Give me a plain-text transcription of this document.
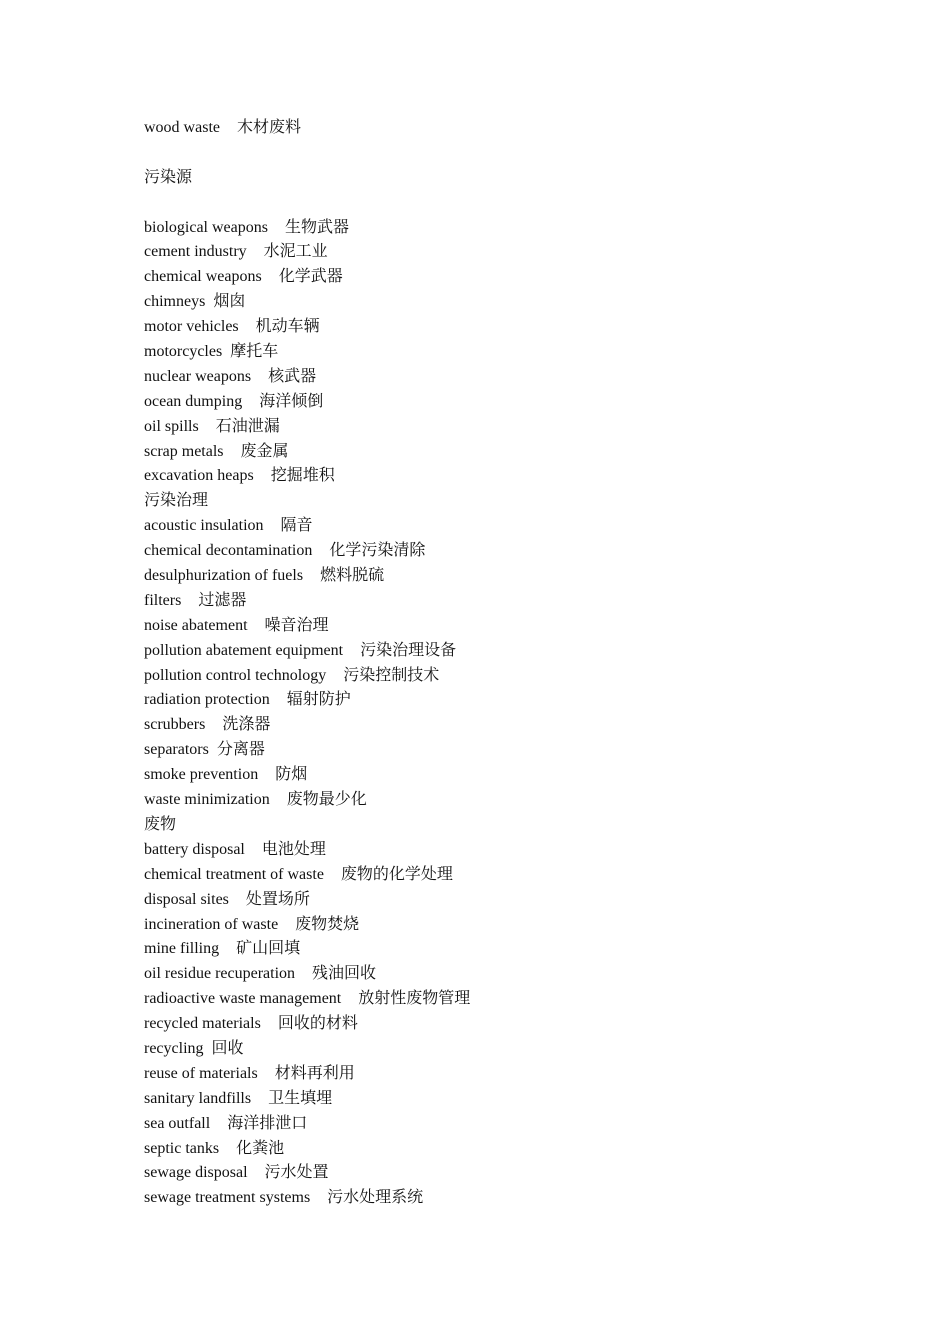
wood waste 木材废料
污染源
biological weapons 生物武器
cement industry 水泥工业
chemical weapons 化学武器
chimneys 烟囱
motor vehicles 机动车辆
motorcycles 摩托车
nuclear weapons 核武器
ocean dumping 海洋倾倒
oil spills 石油泄漏
scrap metals 废金属
excavation heaps 挖掘堆积
污染治理
acoustic insulation 隔音
chemical decontamination 化学污染清除
desulphurization of fuels 燃料脱硫
filters 过滤器
noise abatement 噪音治理
pollution abatement equipment 污染治理设备
pollution control technology 污染控制技术
radiation protection 辐射防护
scrubbers 洗涤器
separators 分离器
smoke prevention 防烟
waste minimization 废物最少化
废物
battery disposal 电池处理
chemical treatment of waste 废物的化学处理
disposal sites 处置场所
incineration of waste 废物焚烧
mine filling 矿山回填
oil residue recuperation 残油回收
radioactive waste management 放射性废物管理
recycled materials 回收的材料
recycling 回收
reuse of materials 材料再利用
sanitary landfills 卫生填埋
sea outfall 海洋排泄口
septic tanks 化粪池
sewage disposal 污水处置
sewage treatment systems 污水处理系统
